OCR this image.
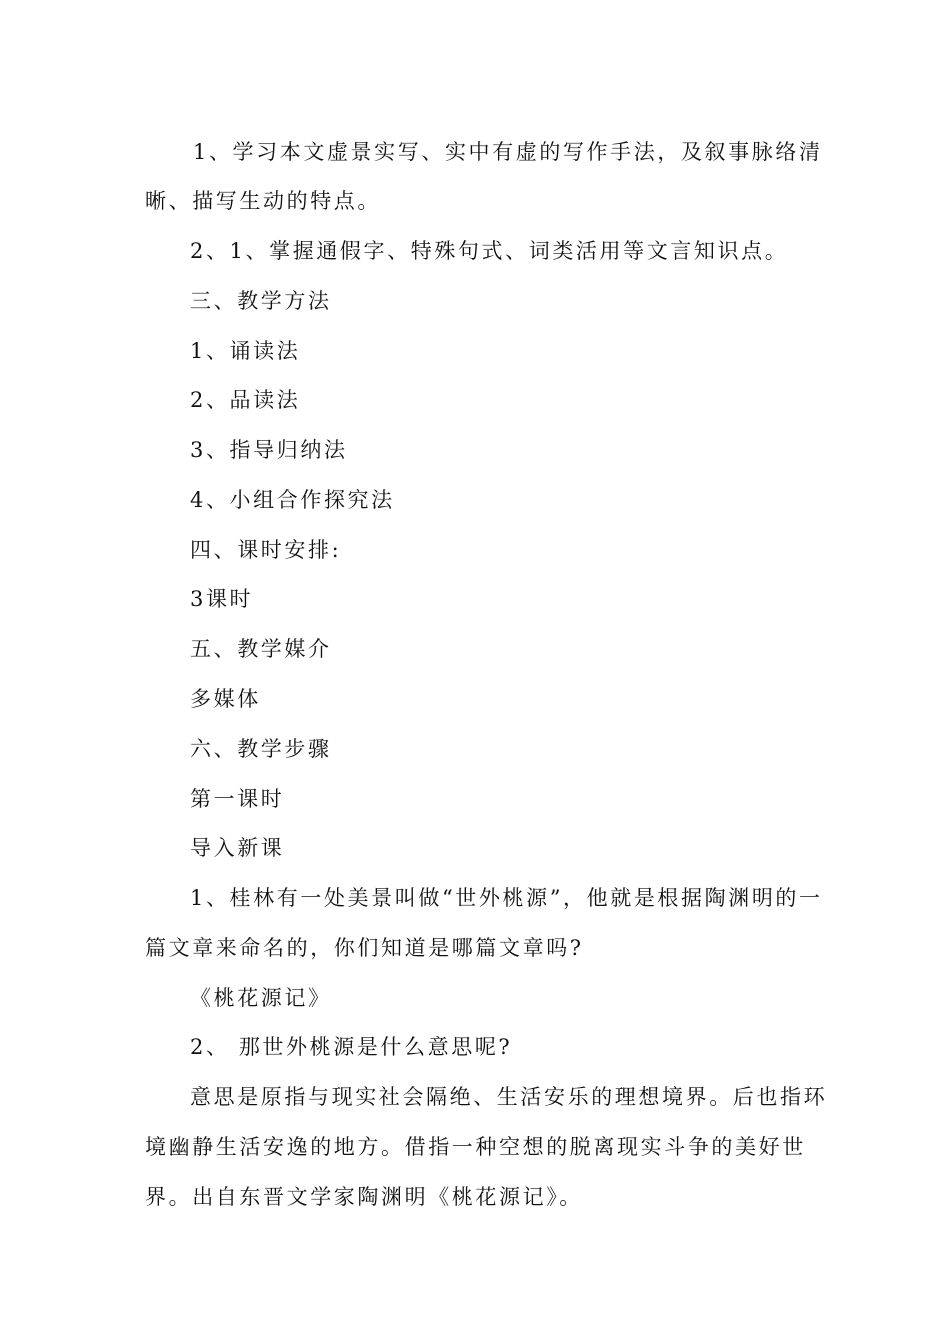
1、学习本文虚景实写、实中有虚的写作手法，及叙事脉络清
晰、描写生动的特点。
2、1、掌握通假字、特殊句式、词类活用等文言知识点。
三、教学方法
1、诵读法
2、品读法
3、指导归纳法
4、小组合作探究法
四、课时安排:
3课时
五、教学媒介
多媒体
六、教学步骤
第一课时
导入新课
1、桂林有一处美景叫做“世外桃源”，他就是根据陶渊明的一
篇文章来命名的，你们知道是哪篇文章吗?
《桃花源记》
2、 那世外桃源是什么意思呢?
意思是原指与现实社会隔绝、生活安乐的理想境界。后也指环
境幽静生活安逸的地方。借指一种空想的脱离现实斗争的美好世
界。出自东晋文学家陶渊明《桃花源记》。
